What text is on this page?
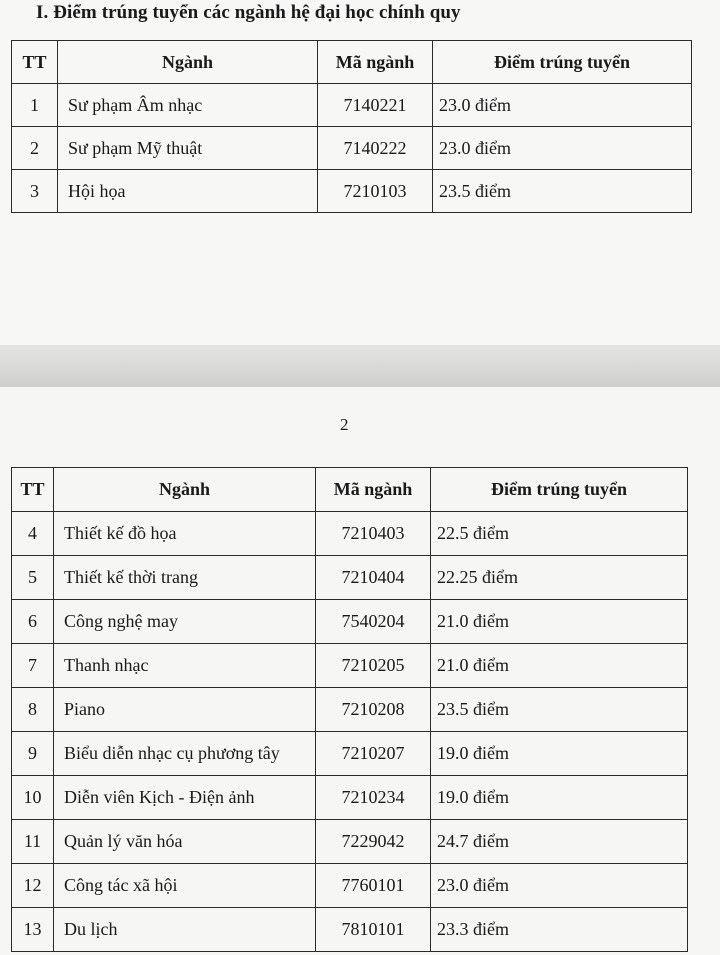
I. Điểm trúng tuyển các ngành hệ đại học chính quy
TT	Ngành	Mã ngành	Điểm trúng tuyển
1	Sư phạm Âm nhạc	7140221	23.0 điểm
2	Sư phạm Mỹ thuật	7140222	23.0 điểm
3	Hội họa	7210103	23.5 điểm
2
TT	Ngành	Mã ngành	Điểm trúng tuyển
4	Thiết kế đồ họa	7210403	22.5 điểm
5	Thiết kế thời trang	7210404	22.25 điểm
6	Công nghệ may	7540204	21.0 điểm
7	Thanh nhạc	7210205	21.0 điểm
8	Piano	7210208	23.5 điểm
9	Biểu diễn nhạc cụ phương tây	7210207	19.0 điểm
10	Diễn viên Kịch - Điện ảnh	7210234	19.0 điểm
11	Quản lý văn hóa	7229042	24.7 điểm
12	Công tác xã hội	7760101	23.0 điểm
13	Du lịch	7810101	23.3 điểm
